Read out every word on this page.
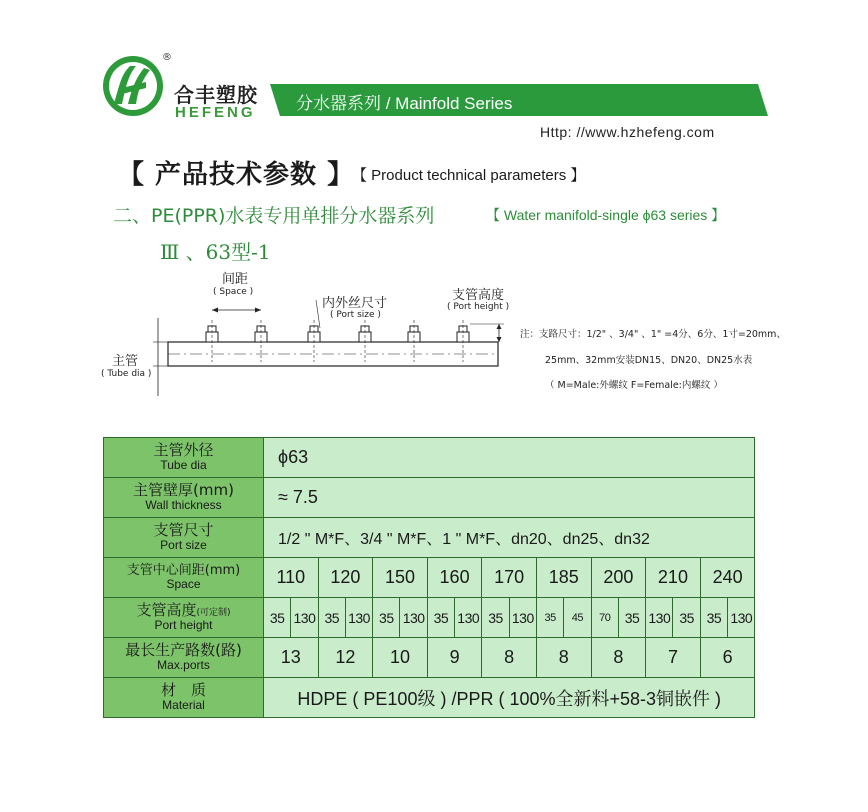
®
合丰塑胶
HEFENG 分水器系列 / Mainfold Series
Http: //www.hzhefeng.com
【 产品技术参数 】
【 Product technical parameters 】
二、PE(PPR)水表专用单排分水器系列	【 Water manifold-single ϕ63 series 】
Ⅲ 、63型-1
间距
( Space )
内外丝尺寸
( Port size )
支管高度
( Port height )
主管
( Tube dia )
注：支路尺寸：1/2" 、3/4" 、1" =4分、6分、1寸=20mm、
25mm、32mm安装DN15、DN20、DN25水表
（ M=Male:外螺纹 F=Female:内螺纹 ）
主管外径
Tube dia	ϕ63																	

主管壁厚(mm)
Wall thickness	≈ 7.5																	

支管尺寸
Port size	1/2 " M*F、3/4 " M*F、1 " M*F、dn20、dn25、dn32																	

支管中心间距(mm)
Space	110		120		150		160		170		185		200		210		240	

支管高度(可定制)
Port height	35	130	35	130	35	130	35	130	35	130	35	45	70	35	130	35	35	130

最长生产路数(路)
Max.ports	13		12		10		9		8		8		8		7		6	

材　质
Material	HDPE ( PE100级 ) /PPR ( 100%全新料+58-3铜嵌件 )																	
